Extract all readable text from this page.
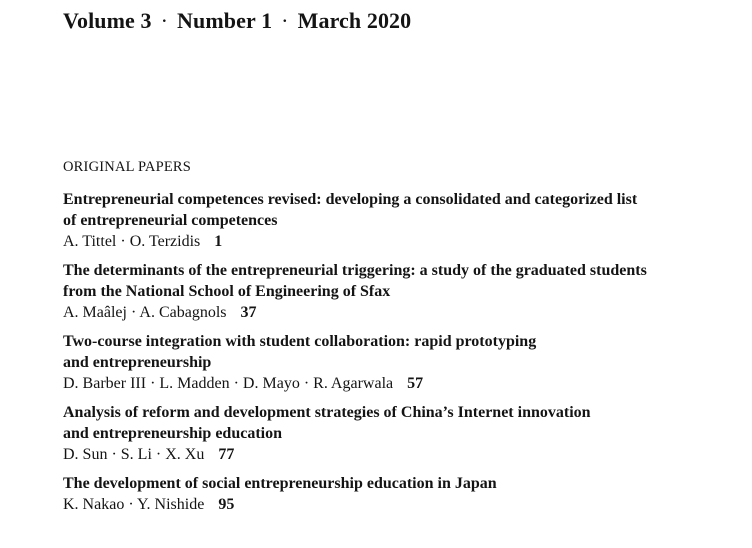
Volume 3 · Number 1 · March 2020
ORIGINAL PAPERS
Entrepreneurial competences revised: developing a consolidated and categorized list
of entrepreneurial competences
A. Tittel · O. Terzidis 1
The determinants of the entrepreneurial triggering: a study of the graduated students
from the National School of Engineering of Sfax
A. Maâlej · A. Cabagnols 37
Two-course integration with student collaboration: rapid prototyping
and entrepreneurship
D. Barber III · L. Madden · D. Mayo · R. Agarwala 57
Analysis of reform and development strategies of China’s Internet innovation
and entrepreneurship education
D. Sun · S. Li · X. Xu 77
The development of social entrepreneurship education in Japan
K. Nakao · Y. Nishide 95
